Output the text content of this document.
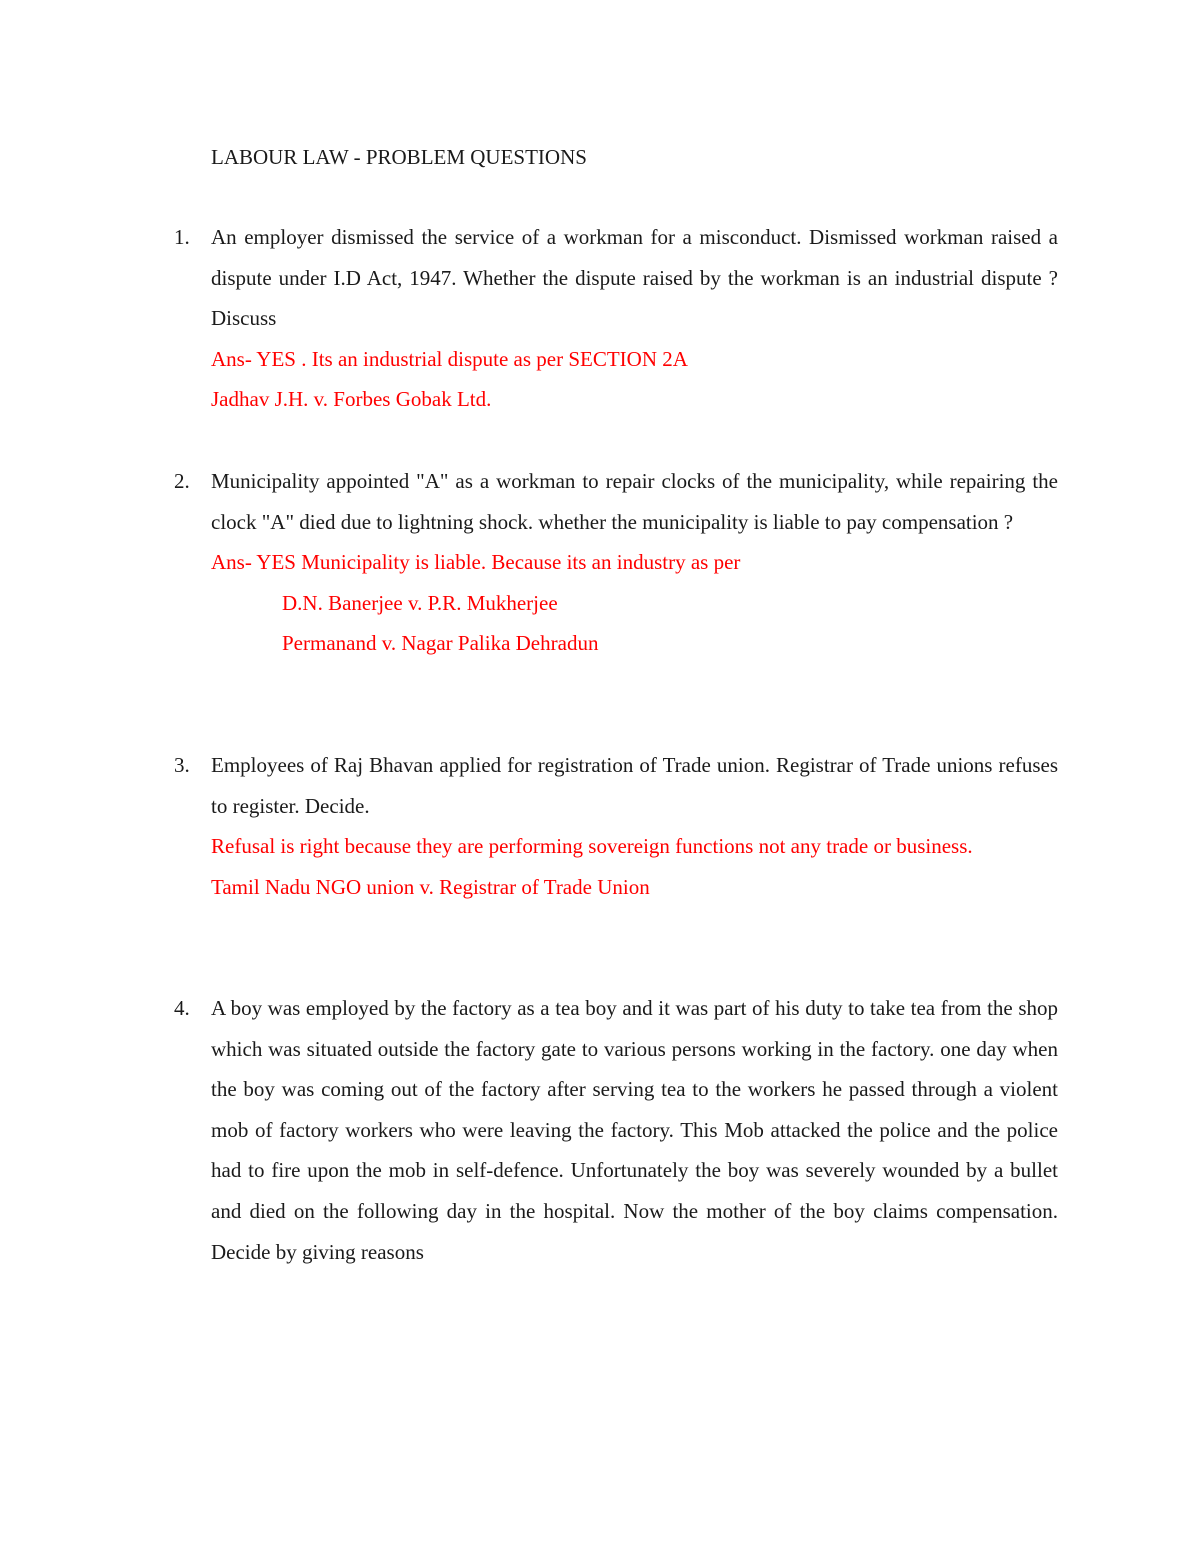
LABOUR LAW - PROBLEM QUESTIONS
1.	An employer dismissed the service of a workman for a misconduct. Dismissed workman raised a dispute under I.D Act, 1947. Whether the dispute raised by the workman is an industrial dispute ? Discuss
Ans- YES . Its an industrial dispute as per SECTION 2A
Jadhav J.H. v. Forbes Gobak Ltd.
2.	Municipality appointed "A" as a workman to repair clocks of the municipality, while repairing the clock "A" died due to lightning shock. whether the municipality is liable to pay compensation ?
Ans- YES Municipality is liable. Because its an industry as per
D.N. Banerjee v. P.R. Mukherjee
Permanand v. Nagar Palika Dehradun
3.	Employees of Raj Bhavan applied for registration of Trade union. Registrar of Trade unions refuses to register. Decide.
Refusal is right because they are performing sovereign functions not any trade or business.
Tamil Nadu NGO union v. Registrar of Trade Union
4.	A boy was employed by the factory as a tea boy and it was part of his duty to take tea from the shop which was situated outside the factory gate to various persons working in the factory. one day when the boy was coming out of the factory after serving tea to the workers he passed through a violent mob of factory workers who were leaving the factory. This Mob attacked the police and the police had to fire upon the mob in self-defence. Unfortunately the boy was severely wounded by a bullet and died on the following day in the hospital. Now the mother of the boy claims compensation. Decide by giving reasons
